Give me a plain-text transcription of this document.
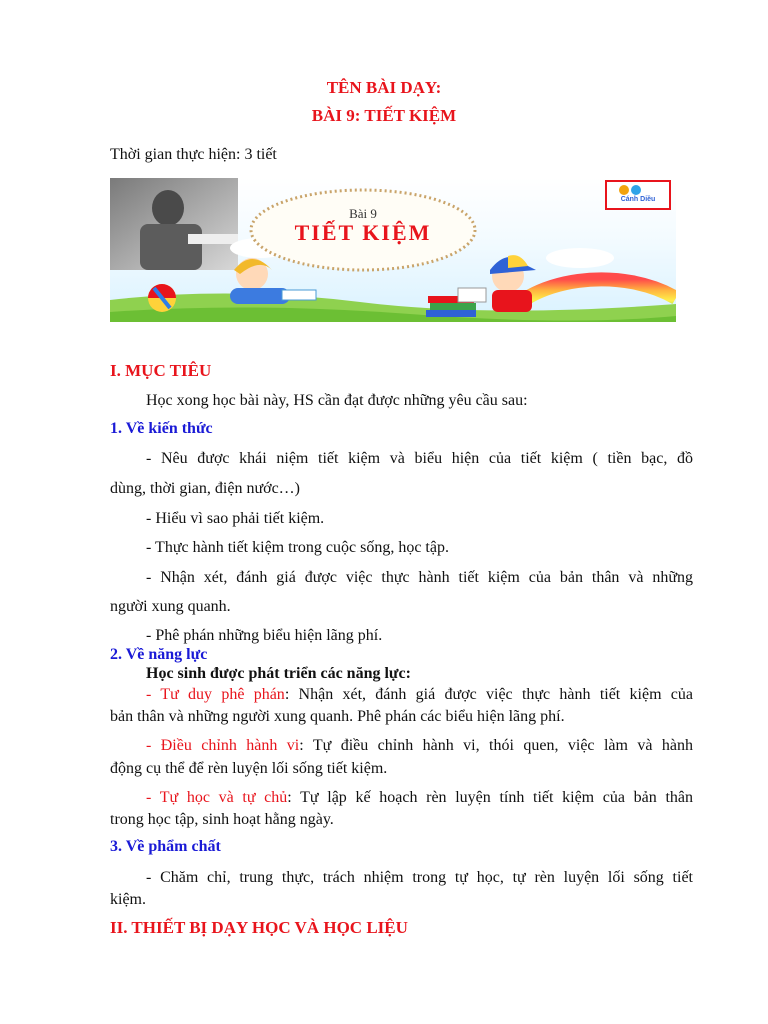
TÊN BÀI DẠY:
BÀI 9: TIẾT KIỆM
Thời gian thực hiện: 3 tiết
Bài 9
TIẾT KIỆM
Cánh Diều
I. MỤC TIÊU
Học xong học bài này, HS cần đạt được những yêu cầu sau:
1. Về kiến thức
- Nêu được khái niệm tiết kiệm và biểu hiện của tiết kiệm ( tiền bạc, đồ
dùng, thời gian, điện nước…)
- Hiểu vì sao phải tiết kiệm.
- Thực hành tiết kiệm trong cuộc sống, học tập.
- Nhận xét, đánh giá được việc thực hành tiết kiệm của bản thân và những
người xung quanh.
- Phê phán những biểu hiện lãng phí.
2. Về năng lực
Học sinh được phát triển các năng lực:
- Tư duy phê phán: Nhận xét, đánh giá được việc thực hành tiết kiệm của
bản thân và những người xung quanh. Phê phán các biểu hiện lãng phí.
- Điều chỉnh hành vi: Tự điều chỉnh hành vi, thói quen, việc làm và hành
động cụ thể để rèn luyện lối sống tiết kiệm.
- Tự học và tự chủ: Tự lập kế hoạch rèn luyện tính tiết kiệm của bản thân
trong học tập, sinh hoạt hằng ngày.
3. Về phẩm chất
- Chăm chỉ, trung thực, trách nhiệm trong tự học, tự rèn luyện lối sống tiết
kiệm.
II. THIẾT BỊ DẠY HỌC VÀ HỌC LIỆU
